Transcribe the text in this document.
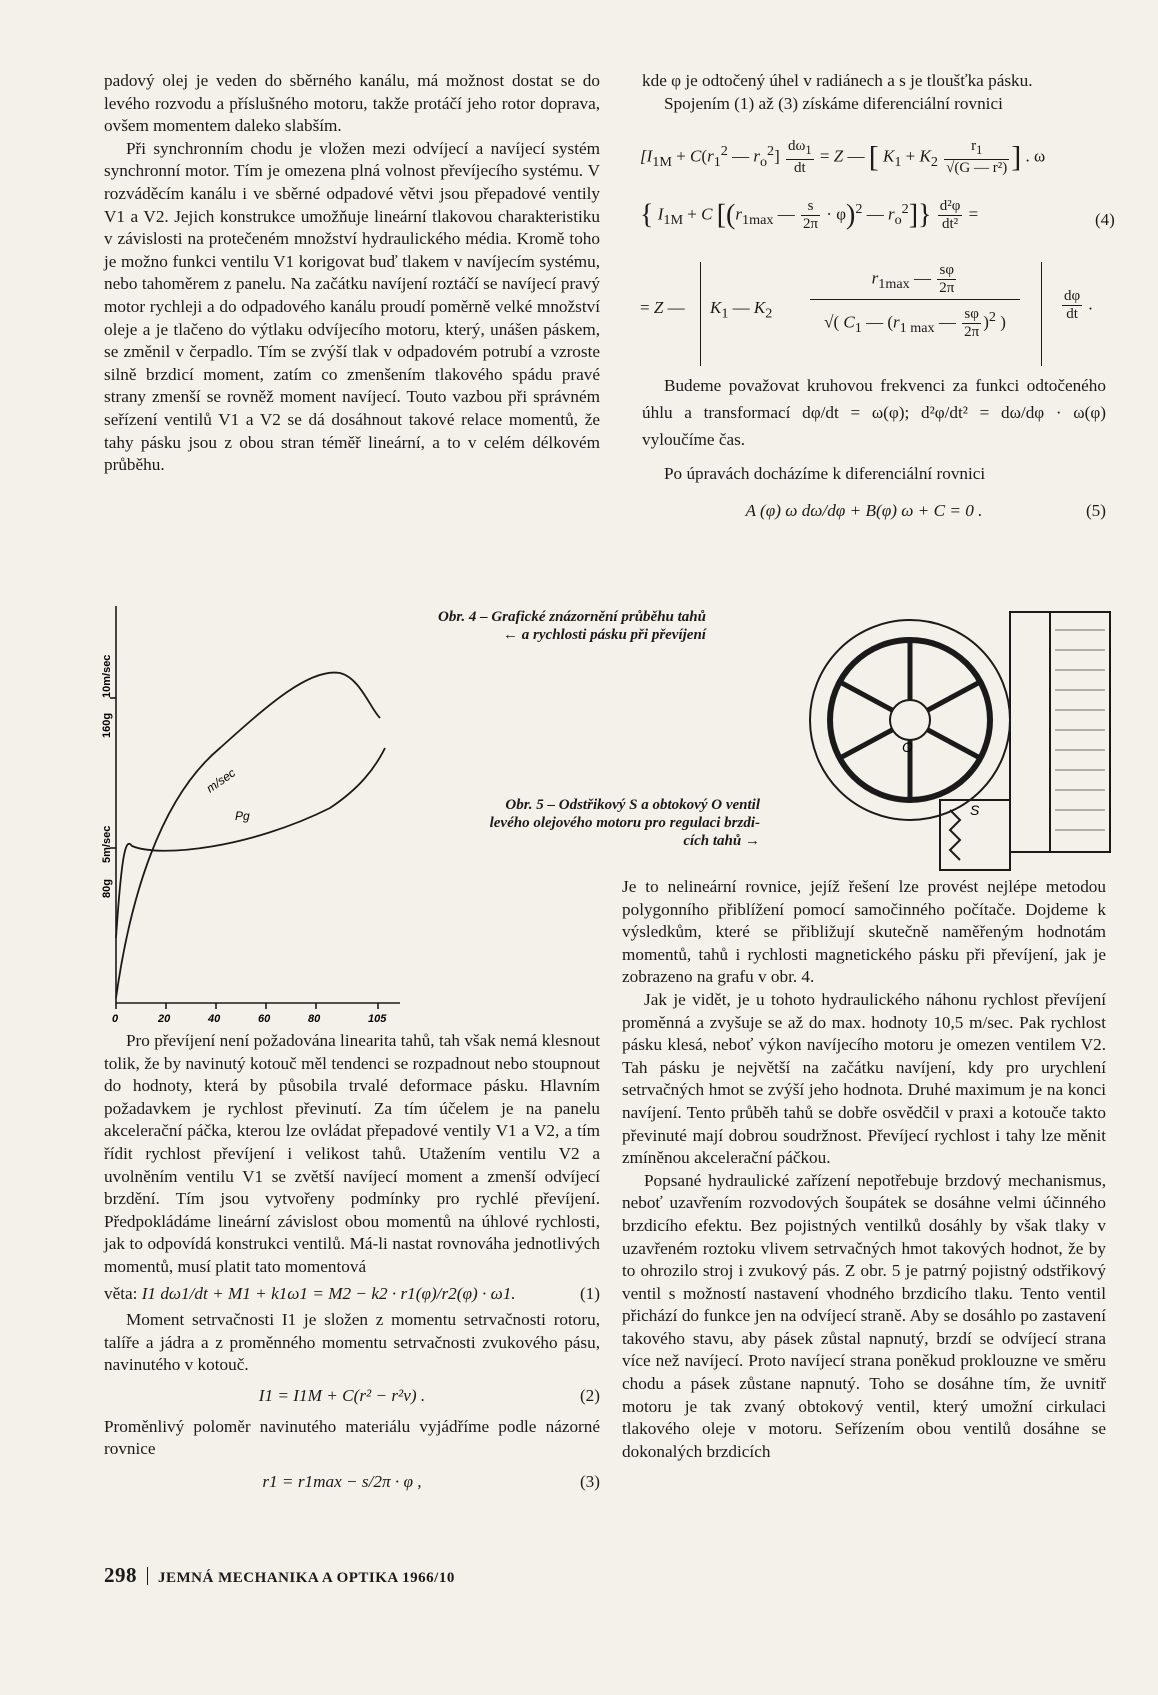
padový olej je veden do sběrného kanálu, má možnost dostat se do levého rozvodu a příslušného motoru, takže protáčí jeho rotor doprava, ovšem momentem daleko slabším.

Při synchronním chodu je vložen mezi odvíjecí a navíjecí systém synchronní motor. Tím je omezena plná volnost převíjecího systému. V rozváděcím kanálu i ve sběrné odpadové větvi jsou přepadové ventily V1 a V2. Jejich konstrukce umožňuje lineární tlakovou charakteristiku v závislosti na protečeném množství hydraulického média. Kromě toho je možno funkci ventilu V1 korigovat buď tlakem v navíjecím systému, nebo tahoměrem z panelu. Na začátku navíjení roztáčí se navíjecí pravý motor rychleji a do odpadového kanálu proudí poměrně velké množství oleje a je tlačeno do výtlaku odvíjecího motoru, který, unášen páskem, se změnil v čerpadlo. Tím se zvýší tlak v odpadovém potrubí a vzroste silně brzdicí moment, zatím co zmenšením tlakového spádu pravé strany zmenší se rovněž moment navíjecí. Touto vazbou při správném seřízení ventilů V1 a V2 se dá dosáhnout takové relace momentů, že tahy pásku jsou z obou stran téměř lineární, a to v celém délkovém průběhu.

80g
5m/sec
160g
10m/sec
m/sec
Pg
0	20	40	60	80	105
Obr. 4 – Grafické znázornění průběhu tahů
← a rychlosti pásku při převíjení
Obr. 5 – Odstřikový S a obtokový O ventil
levého olejového motoru pro regulaci brzdi-
cích tahů →

Pro převíjení není požadována linearita tahů, tah však nemá klesnout tolik, že by navinutý kotouč měl tendenci se rozpadnout nebo stoupnout do hodnoty, která by působila trvalé deformace pásku. Hlavním požadavkem je rychlost převinutí. Za tím účelem je na panelu akcelerační páčka, kterou lze ovládat přepadové ventily V1 a V2, a tím řídit rychlost převíjení i velikost tahů. Utažením ventilu V2 a uvolněním ventilu V1 se zvětší navíjecí moment a zmenší odvíjecí brzdění. Tím jsou vytvořeny podmínky pro rychlé převíjení. Předpokládáme lineární závislost obou momentů na úhlové rychlosti, jak to odpovídá konstrukci ventilů. Má-li nastat rovnováha jednotlivých momentů, musí platit tato momentová

věta: I1 dω1/dt + M1 + k1ω1 = M2 − k2 · r1(φ)/r2(φ) · ω1.	(1)

Moment setrvačnosti I1 je složen z momentu setrvačnosti rotoru, talíře a jádra a z proměnného momentu setrvačnosti zvukového pásu, navinutého v kotouč.

I1 = I1M + C(r² − r²v) .	(2)

Proměnlivý poloměr navinutého materiálu vyjádříme podle názorné rovnice

r1 = r1max − s/2π · φ ,	(3)

kde φ je odtočený úhel v radiánech a s je tloušťka pásku.

Spojením (1) až (3) získáme diferenciální rovnici

[$I_{1M} + C(r_1^2$ — $r_o^2] \frac{d\omega_1}{dt} = Z$ — [ $K_1 + K_2 \frac{r_1}{\text{√(G — r²)}}$ ] . ω
{ $I_{1M} + C$ [($r_{1max}$ — $\frac{s}{2\pi} \cdot \varphi)^2$ — $r_o^2]\} \frac{\text{d²φ}}{\text{dt²}}$ =	(4)
= Z — $K_1$ — $K_2$
$r_{1max}$ — $\frac{s\varphi}{2\pi}$
√( $C_1$ — ($r_{1 max}$ — $\frac{s\varphi}{2\pi} )^2$ )	$\frac{d\varphi}{dt}$ .

Budeme považovat kruhovou frekvenci za funkci odtočeného úhlu a transformací dφ/dt = ω(φ); d²φ/dt² = dω/dφ · ω(φ) vyloučíme čas.

Po úpravách docházíme k diferenciální rovnici

A (φ) ω dω/dφ + B(φ) ω + C = 0 .	(5)
O
S

Je to nelineární rovnice, jejíž řešení lze provést nejlépe metodou polygonního přiblížení pomocí samočinného počítače. Dojdeme k výsledkům, které se přibližují skutečně naměřeným hodnotám momentů, tahů i rychlosti magnetického pásku při převíjení, jak je zobrazeno na grafu v obr. 4.

Jak je vidět, je u tohoto hydraulického náhonu rychlost převíjení proměnná a zvyšuje se až do max. hodnoty 10,5 m/sec. Pak rychlost pásku klesá, neboť výkon navíjecího motoru je omezen ventilem V2. Tah pásku je největší na začátku navíjení, kdy pro urychlení setrvačných hmot se zvýší jeho hodnota. Druhé maximum je na konci navíjení. Tento průběh tahů se dobře osvědčil v praxi a kotouče takto převinuté mají dobrou soudržnost. Převíjecí rychlost i tahy lze měnit zmíněnou akcelerační páčkou.

Popsané hydraulické zařízení nepotřebuje brzdový mechanismus, neboť uzavřením rozvodových šoupátek se dosáhne velmi účinného brzdicího efektu. Bez pojistných ventilků dosáhly by však tlaky v uzavřeném roztoku vlivem setrvačných hmot takových hodnot, že by to ohrozilo stroj i zvukový pás. Z obr. 5 je patrný pojistný odstřikový ventil s možností nastavení vhodného brzdicího tlaku. Tento ventil přichází do funkce jen na odvíjecí straně. Aby se dosáhlo po zastavení takového stavu, aby pásek zůstal napnutý, brzdí se odvíjecí strana více než navíjecí. Proto navíjecí strana poněkud proklouzne ve směru chodu a pásek zůstane napnutý. Toho se dosáhne tím, že uvnitř motoru je tak zvaný obtokový ventil, který umožní cirkulaci tlakového oleje v motoru. Seřízením obou ventilů dosáhne se dokonalých brzdicích

298 JEMNÁ MECHANIKA A OPTIKA 1966/10
